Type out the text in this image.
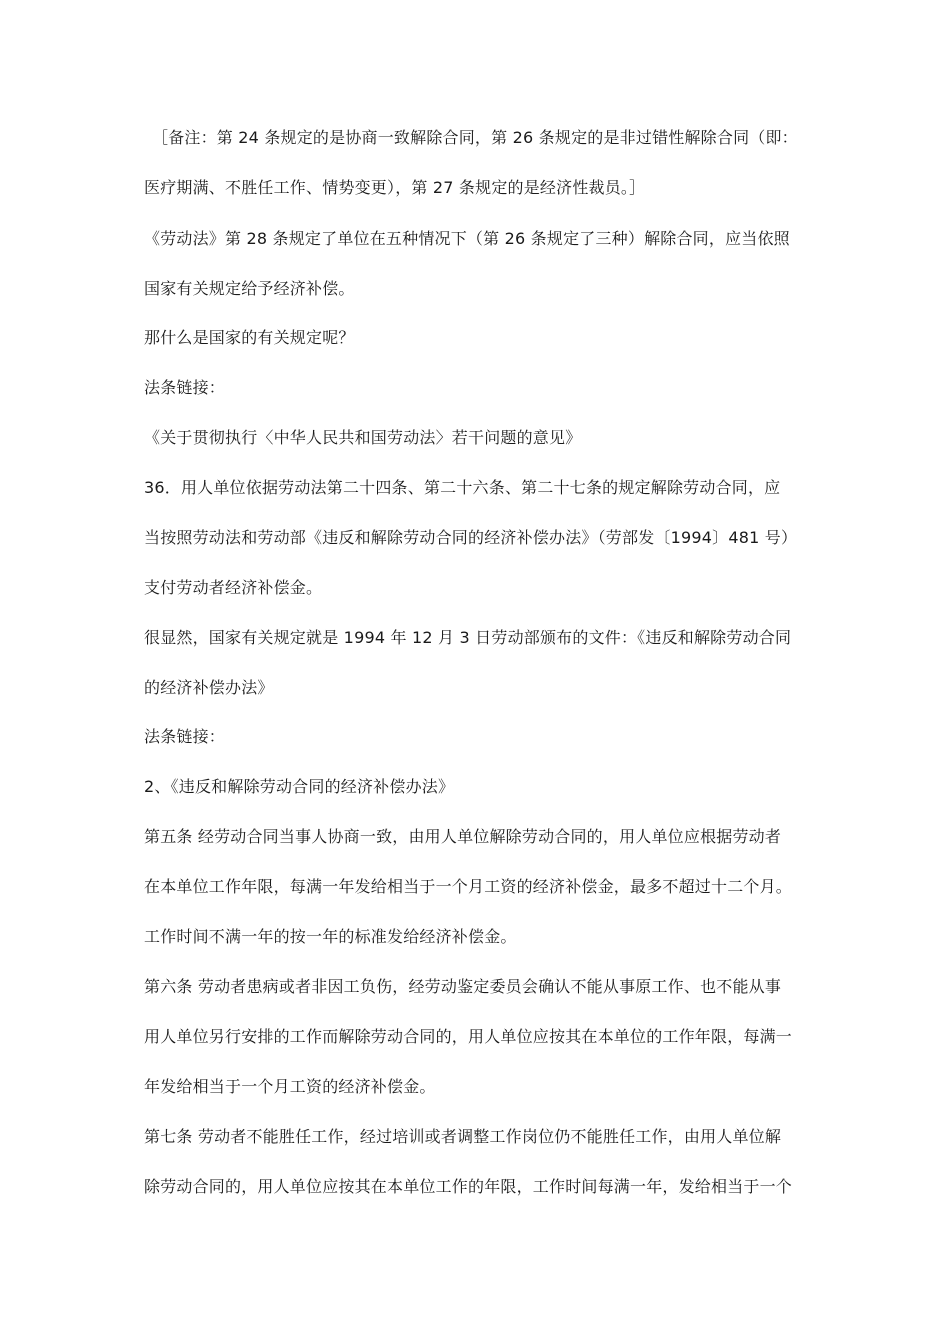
［备注：第 24 条规定的是协商一致解除合同，第 26 条规定的是非过错性解除合同（即：
医疗期满、不胜任工作、情势变更），第 27 条规定的是经济性裁员。］
《劳动法》第 28 条规定了单位在五种情况下（第 26 条规定了三种）解除合同，应当依照
国家有关规定给予经济补偿。
那什么是国家的有关规定呢？
法条链接：
《关于贯彻执行〈中华人民共和国劳动法〉若干问题的意见》
36．用人单位依据劳动法第二十四条、第二十六条、第二十七条的规定解除劳动合同，应
当按照劳动法和劳动部《违反和解除劳动合同的经济补偿办法》（劳部发〔1994〕481 号）
支付劳动者经济补偿金。
很显然，国家有关规定就是 1994 年 12 月 3 日劳动部颁布的文件：《违反和解除劳动合同
的经济补偿办法》
法条链接：
2、《违反和解除劳动合同的经济补偿办法》
第五条 经劳动合同当事人协商一致，由用人单位解除劳动合同的，用人单位应根据劳动者
在本单位工作年限，每满一年发给相当于一个月工资的经济补偿金，最多不超过十二个月。
工作时间不满一年的按一年的标准发给经济补偿金。
第六条 劳动者患病或者非因工负伤，经劳动鉴定委员会确认不能从事原工作、也不能从事
用人单位另行安排的工作而解除劳动合同的，用人单位应按其在本单位的工作年限，每满一
年发给相当于一个月工资的经济补偿金。
第七条 劳动者不能胜任工作，经过培训或者调整工作岗位仍不能胜任工作，由用人单位解
除劳动合同的，用人单位应按其在本单位工作的年限，工作时间每满一年，发给相当于一个
